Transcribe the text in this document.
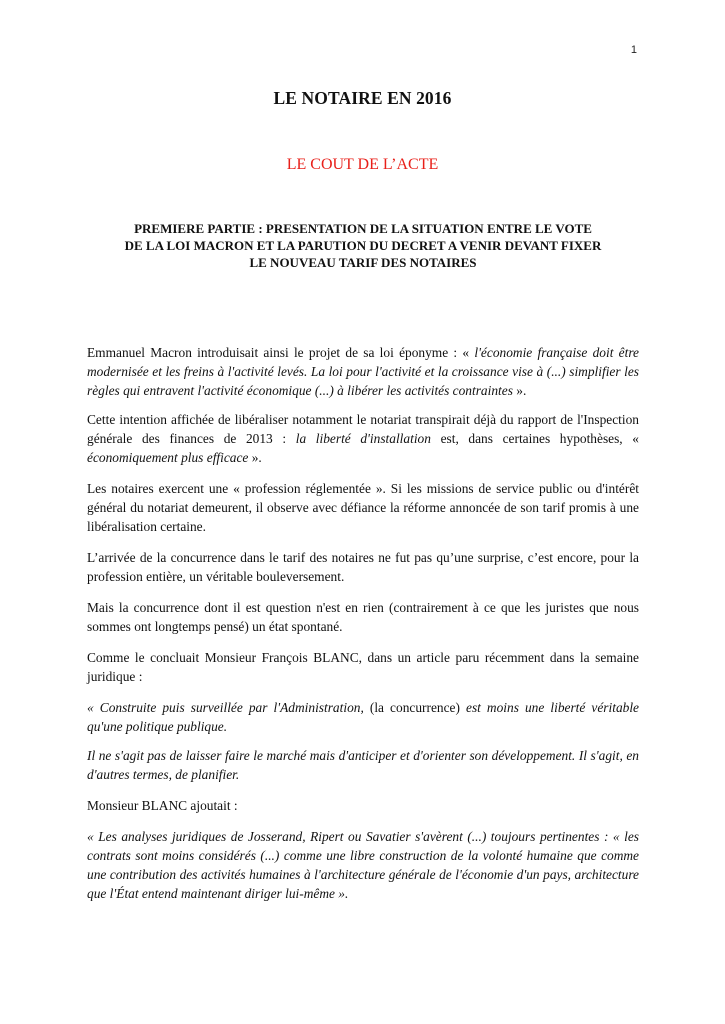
1
LE NOTAIRE EN 2016
LE COUT DE L’ACTE
PREMIERE PARTIE : PRESENTATION DE LA SITUATION ENTRE LE VOTE
DE LA LOI MACRON ET LA PARUTION DU DECRET A VENIR DEVANT FIXER
LE NOUVEAU TARIF DES NOTAIRES

Emmanuel Macron introduisait ainsi le projet de sa loi éponyme : « l'économie française doit être modernisée et les freins à l'activité levés. La loi pour l'activité et la croissance vise à (...) simplifier les règles qui entravent l'activité économique (...) à libérer les activités contraintes ».

Cette intention affichée de libéraliser notamment le notariat transpirait déjà du rapport de l'Inspection générale des finances de 2013 : la liberté d'installation est, dans certaines hypothèses, « économiquement plus efficace ».

Les notaires exercent une « profession réglementée ». Si les missions de service public ou d'intérêt général du notariat demeurent, il observe avec défiance la réforme annoncée de son tarif promis à une libéralisation certaine.

L’arrivée de la concurrence dans le tarif des notaires ne fut pas qu’une surprise, c’est encore, pour la profession entière, un véritable bouleversement.

Mais la concurrence dont il est question n'est en rien (contrairement à ce que les juristes que nous sommes ont longtemps pensé) un état spontané.

Comme le concluait Monsieur François BLANC, dans un article paru récemment dans la semaine juridique :

« Construite puis surveillée par l'Administration, (la concurrence) est moins une liberté véritable qu'une politique publique.

Il ne s'agit pas de laisser faire le marché mais d'anticiper et d'orienter son développement. Il s'agit, en d'autres termes, de planifier.

Monsieur BLANC ajoutait :

« Les analyses juridiques de Josserand, Ripert ou Savatier s'avèrent (...) toujours pertinentes : « les contrats sont moins considérés (...) comme une libre construction de la volonté humaine que comme une contribution des activités humaines à l'architecture générale de l'économie d'un pays, architecture que l'État entend maintenant diriger lui-même ».
